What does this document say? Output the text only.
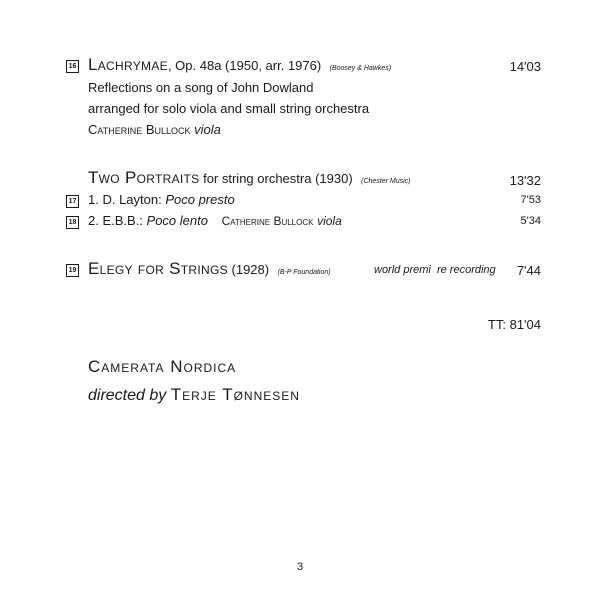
16 Lachrymae, Op. 48a (1950, arr. 1976) (Boosey & Hawkes)	14'03
Reflections on a song of John Dowland
arranged for solo viola and small string orchestra
Catherine Bullock viola
Two Portraits for string orchestra (1930) (Chester Music)	13'32
17 1. D. Layton: Poco presto	7'53
18 2. E.B.B.: Poco lento Catherine Bullock viola	5'34
19 Elegy for Strings (1928) (B-P Foundation)	world premi  re recording 7'44
TT: 81'04
Camerata Nordica
directed by Terje Tønnesen
3
